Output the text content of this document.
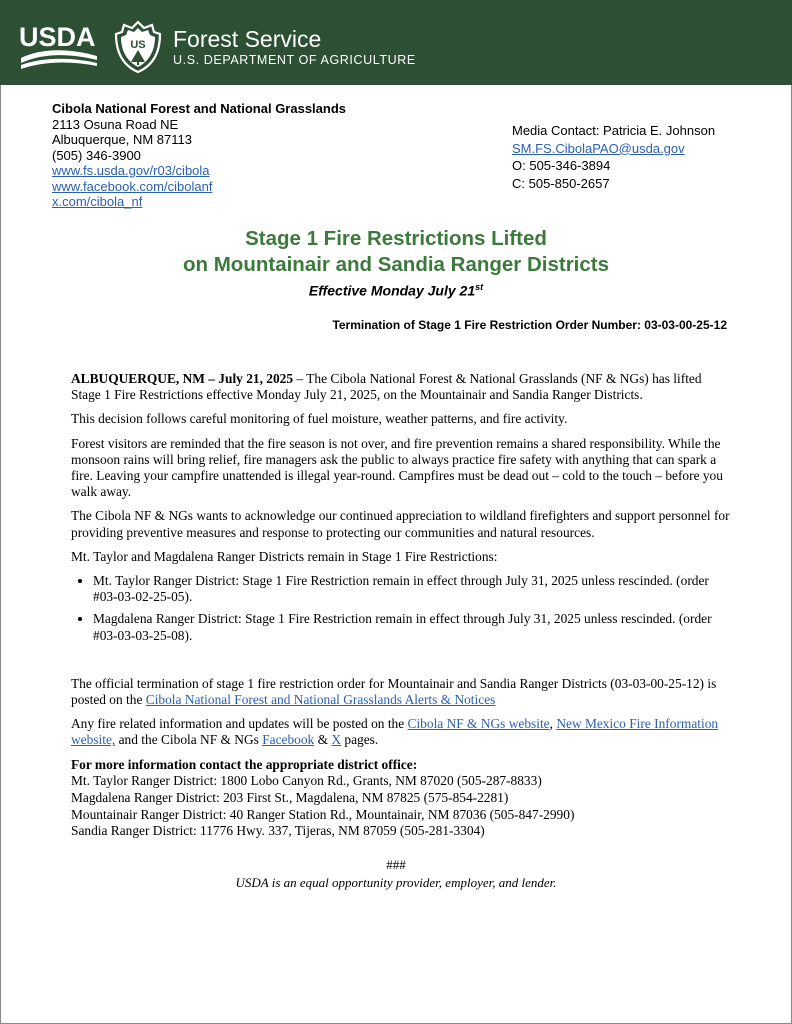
USDA	US Forest Service
U.S. DEPARTMENT OF AGRICULTURE
Cibola National Forest and National Grasslands
2113 Osuna Road NE
Albuquerque, NM 87113
(505) 346-3900
www.fs.usda.gov/r03/cibola
www.facebook.com/cibolanf
x.com/cibola_nf
Media Contact: Patricia E. Johnson
SM.FS.CibolaPAO@usda.gov
O: 505-346-3894
C: 505-850-2657
Stage 1 Fire Restrictions Lifted
on Mountainair and Sandia Ranger Districts
Effective Monday July 21st
Termination of Stage 1 Fire Restriction Order Number: 03-03-00-25-12

ALBUQUERQUE, NM – July 21, 2025 – The Cibola National Forest & National Grasslands (NF & NGs) has lifted Stage 1 Fire Restrictions effective Monday July 21, 2025, on the Mountainair and Sandia Ranger Districts.

This decision follows careful monitoring of fuel moisture, weather patterns, and fire activity.

Forest visitors are reminded that the fire season is not over, and fire prevention remains a shared responsibility. While the monsoon rains will bring relief, fire managers ask the public to always practice fire safety with anything that can spark a fire. Leaving your campfire unattended is illegal year-round. Campfires must be dead out – cold to the touch – before you walk away.

The Cibola NF & NGs wants to acknowledge our continued appreciation to wildland firefighters and support personnel for providing preventive measures and response to protecting our communities and natural resources.

Mt. Taylor and Magdalena Ranger Districts remain in Stage 1 Fire Restrictions:

• Mt. Taylor Ranger District: Stage 1 Fire Restriction remain in effect through July 31, 2025 unless rescinded. (order #03-03-02-25-05).
• Magdalena Ranger District: Stage 1 Fire Restriction remain in effect through July 31, 2025 unless rescinded. (order #03-03-03-25-08).

The official termination of stage 1 fire restriction order for Mountainair and Sandia Ranger Districts (03-03-00-25-12) is posted on the Cibola National Forest and National Grasslands Alerts & Notices

Any fire related information and updates will be posted on the Cibola NF & NGs website, New Mexico Fire Information website, and the Cibola NF & NGs Facebook & X pages.

For more information contact the appropriate district office:
Mt. Taylor Ranger District: 1800 Lobo Canyon Rd., Grants, NM 87020 (505-287-8833)
Magdalena Ranger District: 203 First St., Magdalena, NM 87825 (575-854-2281)
Mountainair Ranger District: 40 Ranger Station Rd., Mountainair, NM 87036 (505-847-2990)
Sandia Ranger District: 11776 Hwy. 337, Tijeras, NM 87059 (505-281-3304)
###
USDA is an equal opportunity provider, employer, and lender.
